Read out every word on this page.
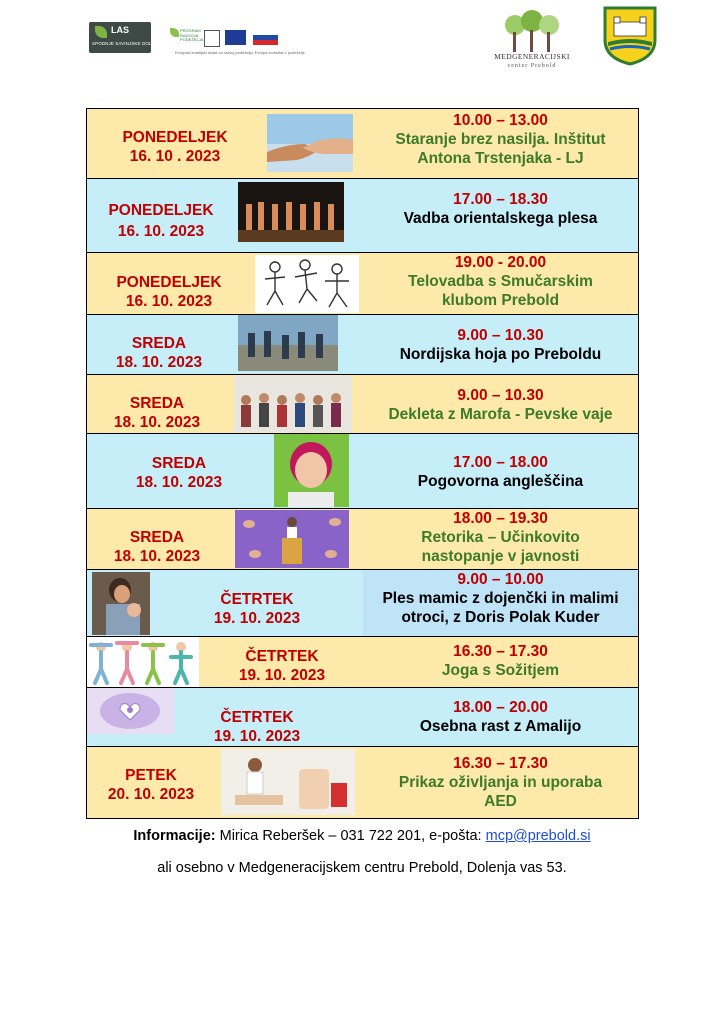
LAS
SPODNJE SAVINJSKE DOLINE
PROGRAM RAZVOJA PODEŽELJA
Evropski kmetijski sklad za razvoj podeželja: Evropa investira v podeželje	MEDGENERACIJSKI
center Prebold
PONEDELJEK
16. 10 . 2023
10.00 – 13.00
Staranje brez nasilja. Inštitut Antona Trstenjaka - LJ
PONEDELJEK
16. 10. 2023
17.00 – 18.30
Vadba orientalskega plesa
PONEDELJEK
16. 10. 2023
19.00 - 20.00
Telovadba s Smučarskim klubom Prebold
SREDA
18. 10. 2023
9.00 – 10.30
Nordijska hoja po Preboldu
SREDA
18. 10. 2023
9.00 – 10.30
Dekleta z Marofa - Pevske vaje
SREDA
18. 10. 2023
17.00 – 18.00
Pogovorna angleščina
SREDA
18. 10. 2023
18.00 – 19.30
Retorika – Učinkovito nastopanje v javnosti
ČETRTEK
19. 10. 2023
9.00 – 10.00
Ples mamic z dojenčki in malimi otroci, z Doris Polak Kuder
ČETRTEK
19. 10. 2023
16.30 – 17.30
Joga s Sožitjem
ČETRTEK
19. 10. 2023
18.00 – 20.00
Osebna rast z Amalijo
PETEK
20. 10. 2023
16.30 – 17.30
Prikaz oživljanja in uporaba AED
Informacije: Mirica Reberšek – 031 722 201, e-pošta: mcp@prebold.si
ali osebno v Medgeneracijskem centru Prebold, Dolenja vas 53.
